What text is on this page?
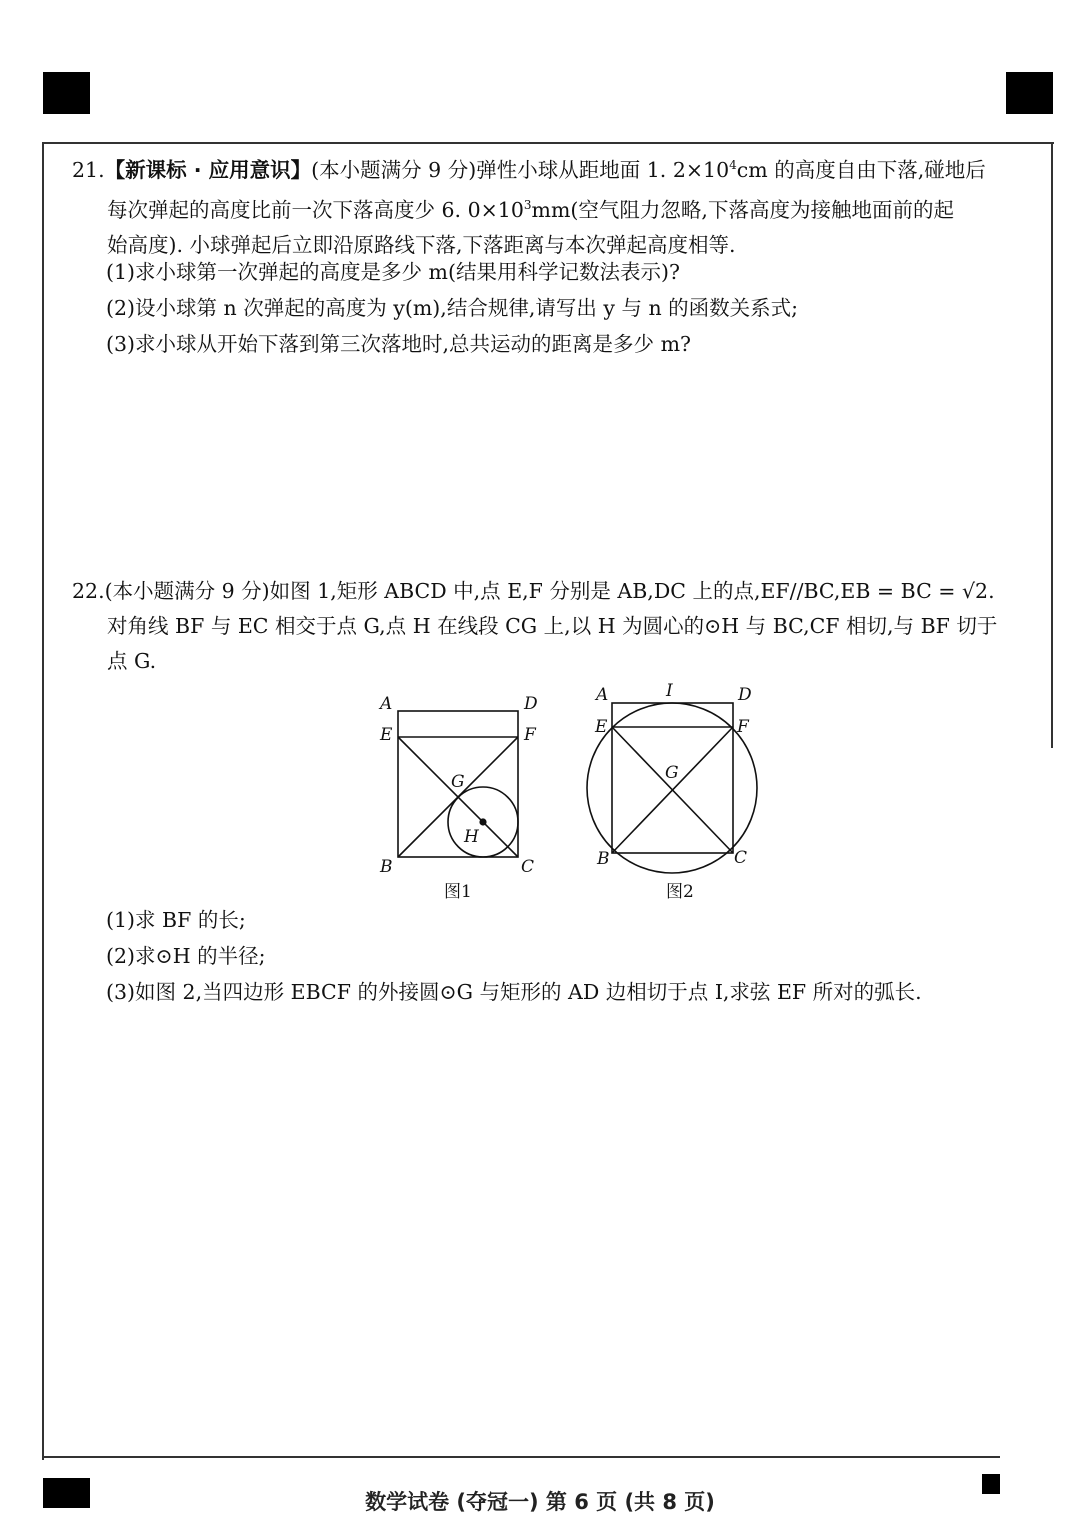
21.【新课标 · 应用意识】(本小题满分 9 分)弹性小球从距地面 1. $2\times 10^4cm$ 的高度自由下落,碰地后

每次弹起的高度比前一次下落高度少 6. $0\times 10^3mm$(空气阻力忽略,下落高度为接触地面前的起

始高度). 小球弹起后立即沿原路线下落,下落距离与本次弹起高度相等.

(1)求小球第一次弹起的高度是多少 m(结果用科学记数法表示)?

(2)设小球第 n 次弹起的高度为 y(m),结合规律,请写出 y 与 n 的函数关系式;

(3)求小球从开始下落到第三次落地时,总共运动的距离是多少 m?

22.(本小题满分 9 分)如图 1,矩形 ABCD 中,点 E,F 分别是 AB,DC 上的点,EF//BC,EB = BC = √2.

对角线 BF 与 EC 相交于点 G,点 H 在线段 CG 上,以 H 为圆心的⊙H 与 BC,CF 相切,与 BF 切于

点 G.

A	D
E	F
G
H
B	C
图1
A	I	D
E	F
G
B	C
图2

(1)求 BF 的长;

(2)求⊙H 的半径;

(3)如图 2,当四边形 EBCF 的外接圆⊙G 与矩形的 AD 边相切于点 I,求弦 EF 所对的弧长.

数学试卷 (夺冠一) 第 6 页 (共 8 页)
